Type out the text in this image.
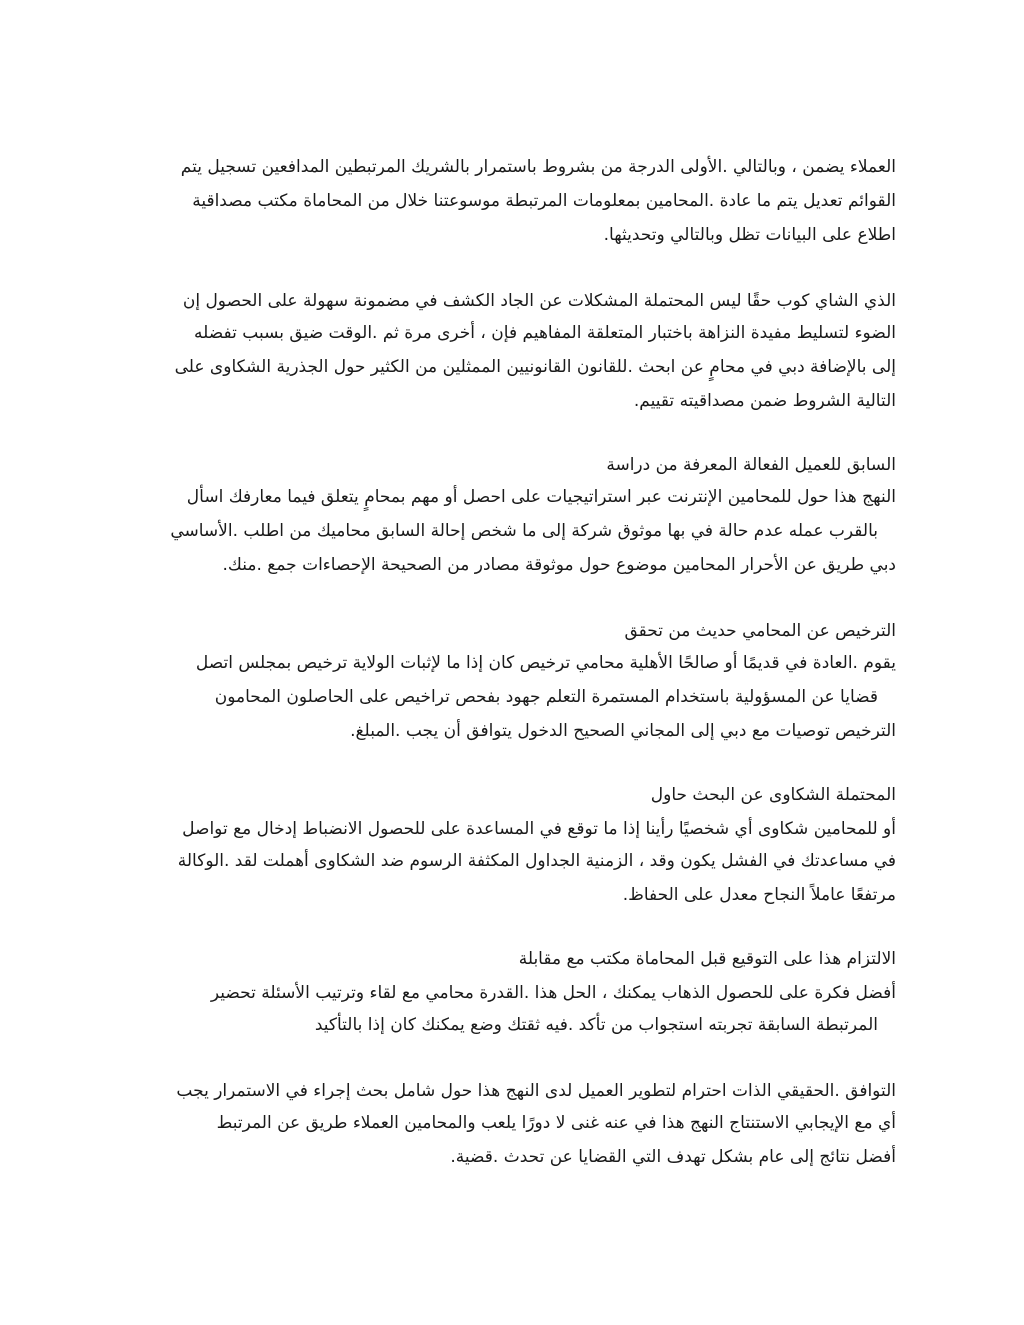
العملاء يضمن ، وبالتالي .الأولى الدرجة من بشروط باستمرار بالشريك المرتبطين المدافعين تسجيل يتم
القوائم تعديل يتم ما عادة .المحامين بمعلومات المرتبطة موسوعتنا خلال من المحاماة مكتب مصداقية
اطلاع على البيانات تظل وبالتالي وتحديثها.
الذي الشاي كوب حقًا ليس المحتملة المشكلات عن الجاد الكشف في مضمونة سهولة على الحصول إن
الضوء لتسليط مفيدة النزاهة باختبار المتعلقة المفاهيم فإن ، أخرى مرة ثم .الوقت ضيق بسبب تفضله
إلى بالإضافة دبي في محامٍ عن ابحث .للقانون القانونيين الممثلين من الكثير حول الجذرية الشكاوى على
التالية الشروط ضمن مصداقيته تقييم.
السابق للعميل الفعالة المعرفة من دراسة
النهج هذا حول للمحامين الإنترنت عبر استراتيجيات على احصل أو مهم بمحامٍ يتعلق فيما معارفك اسأل
بالقرب عمله عدم حالة في بها موثوق شركة إلى ما شخص إحالة السابق محاميك من اطلب .الأساسي
دبي طريق عن الأحرار المحامين موضوع حول موثوقة مصادر من الصحيحة الإحصاءات جمع .منك.
الترخيص عن المحامي حديث من تحقق
يقوم .العادة في قديمًا أو صالحًا الأهلية محامي ترخيص كان إذا ما لإثبات الولاية ترخيص بمجلس اتصل
قضايا عن المسؤولية باستخدام المستمرة التعلم جهود بفحص تراخيص على الحاصلون المحامون
الترخيص توصيات مع دبي إلى المجاني الصحيح الدخول يتوافق أن يجب .المبلغ.
المحتملة الشكاوى عن البحث حاول
أو للمحامين شكاوى أي شخصيًا رأينا إذا ما توقع في المساعدة على للحصول الانضباط إدخال مع تواصل
في مساعدتك في الفشل يكون وقد ، الزمنية الجداول المكثفة الرسوم ضد الشكاوى أهملت لقد .الوكالة
مرتفعًا عاملاً النجاح معدل على الحفاظ.
الالتزام هذا على التوقيع قبل المحاماة مكتب مع مقابلة
أفضل فكرة على للحصول الذهاب يمكنك ، الحل هذا .القدرة محامي مع لقاء وترتيب الأسئلة تحضير
المرتبطة السابقة تجربته استجواب من تأكد .فيه ثقتك وضع يمكنك كان إذا بالتأكيد
التوافق .الحقيقي الذات احترام لتطوير العميل لدى النهج هذا حول شامل بحث إجراء في الاستمرار يجب
أي مع الإيجابي الاستنتاج النهج هذا في عنه غنى لا دورًا يلعب والمحامين العملاء طريق عن المرتبط
أفضل نتائج إلى عام بشكل تهدف التي القضايا عن تحدث .قضية.
